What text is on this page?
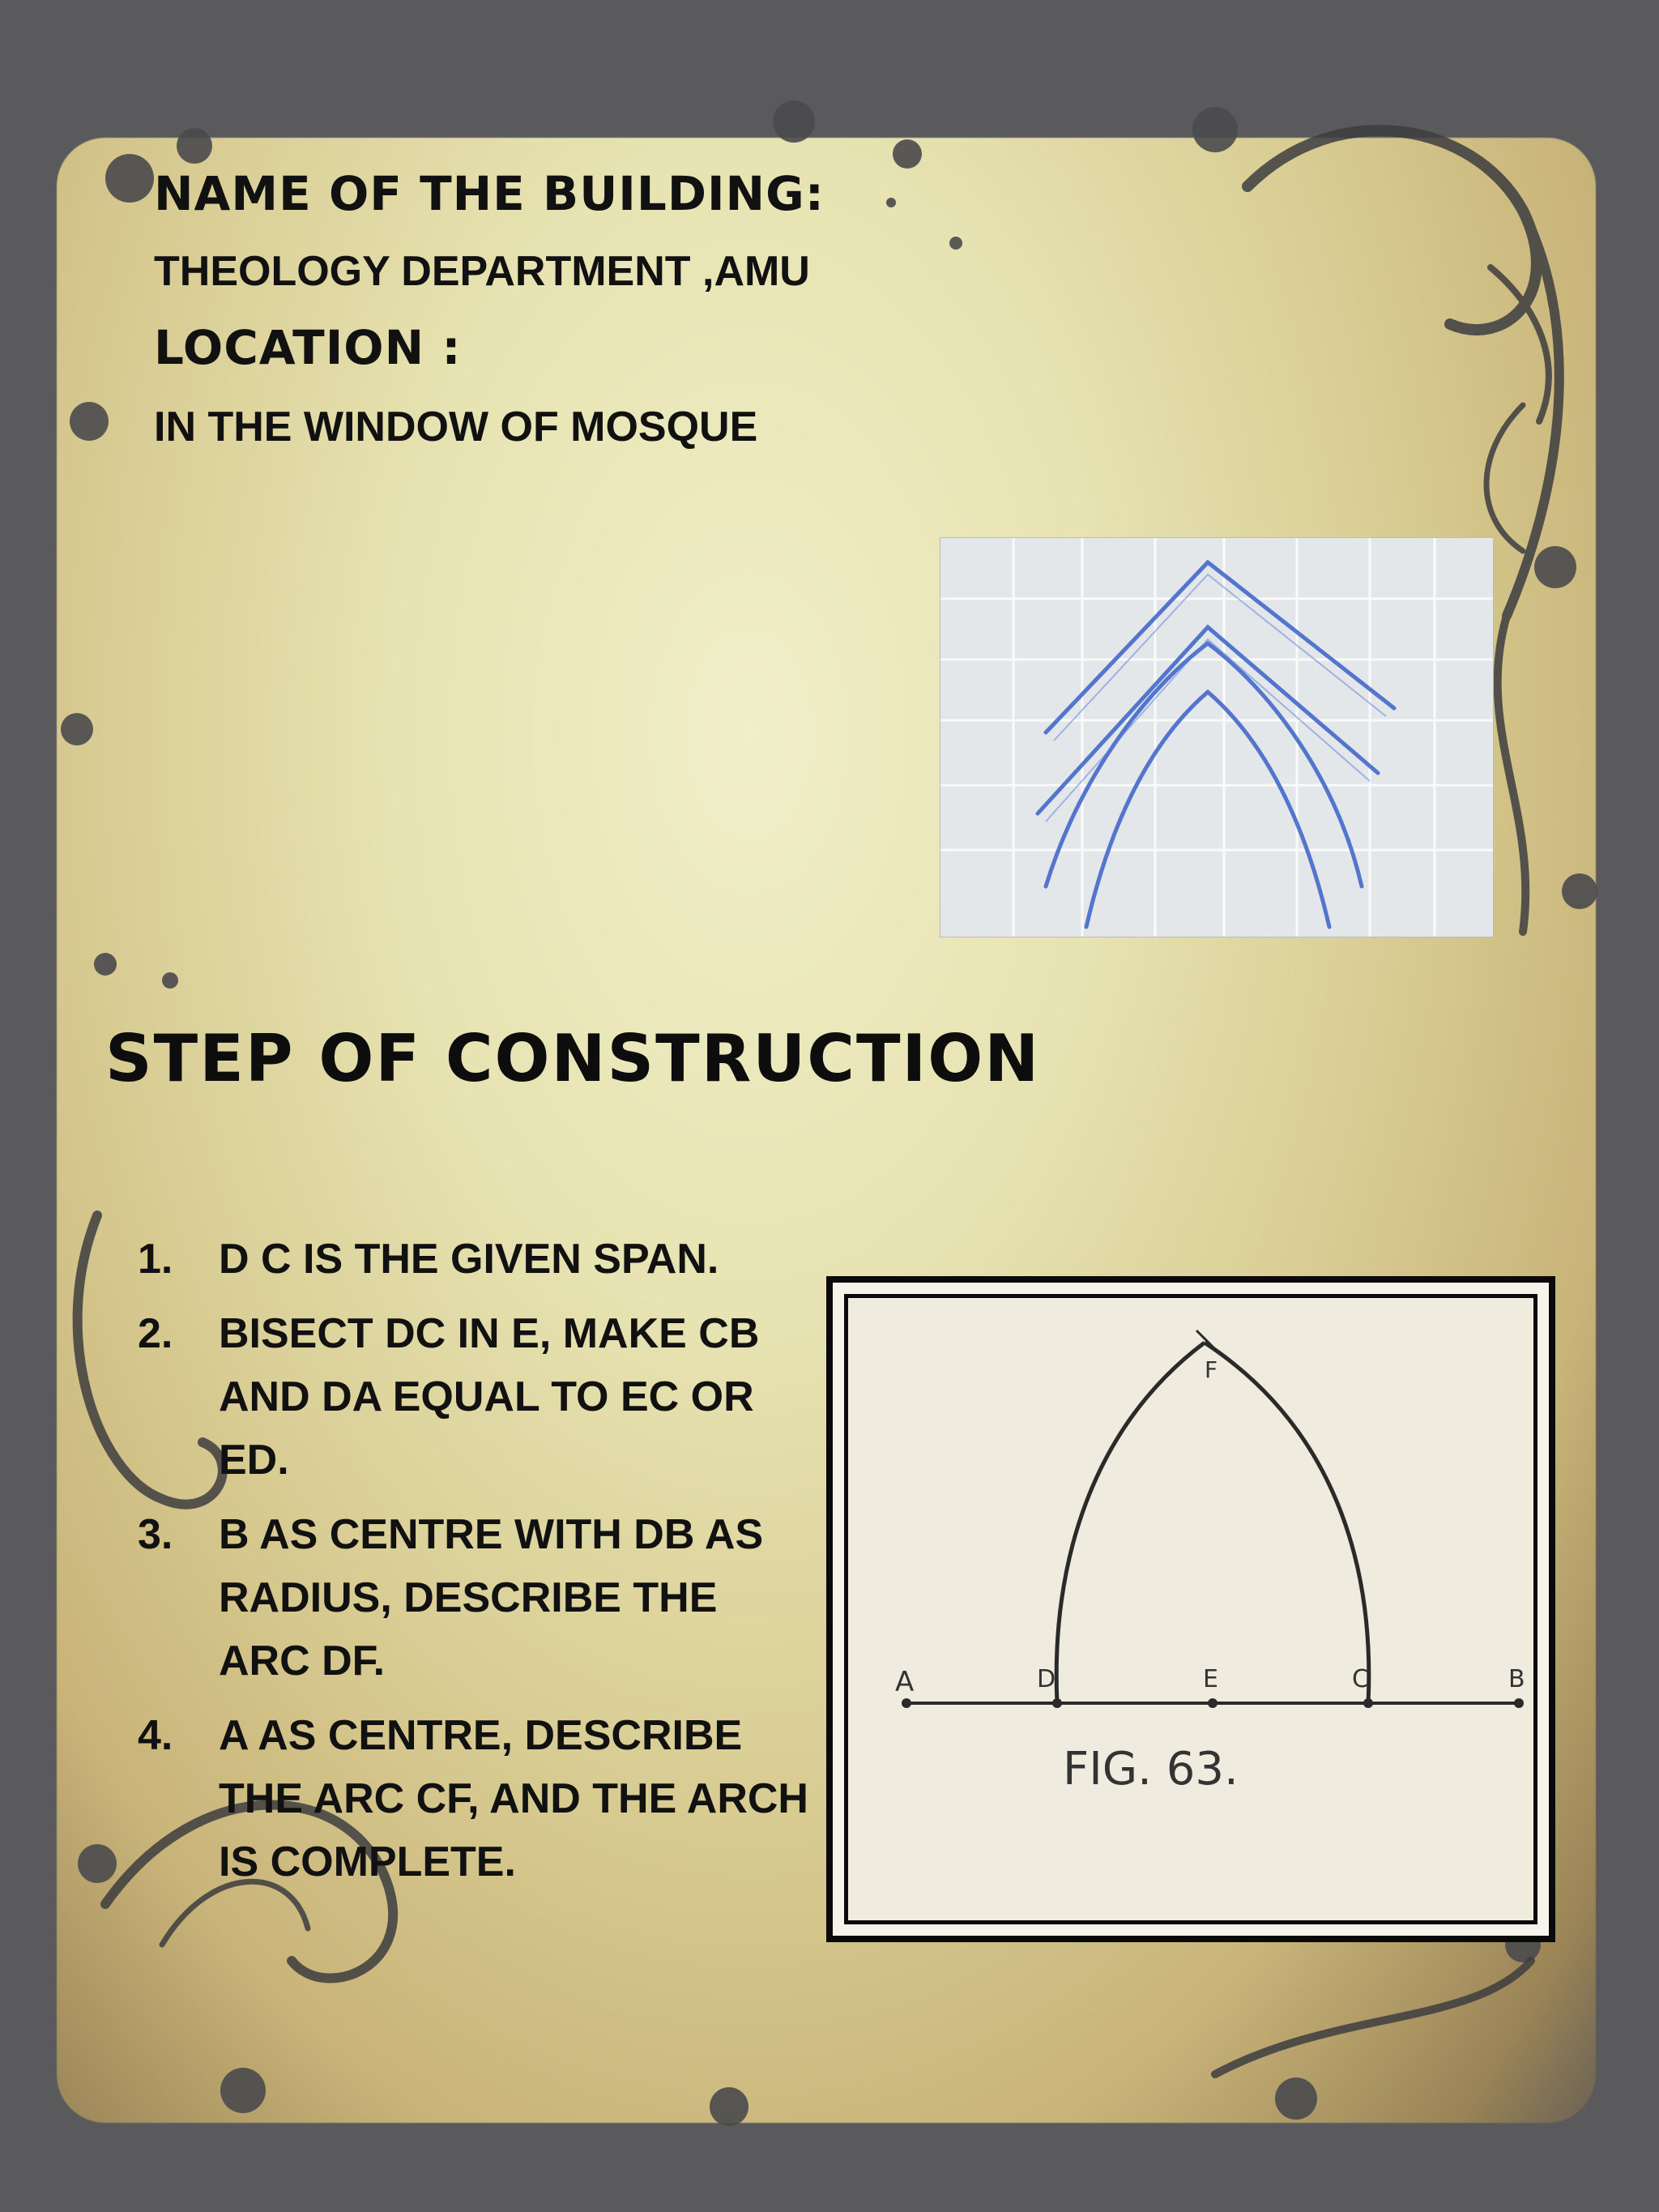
NAME OF THE BUILDING:

THEOLOGY DEPARTMENT ,AMU

LOCATION :

IN THE WINDOW OF MOSQUE

STEP OF CONSTRUCTION
1. D C IS THE GIVEN SPAN.
2. BISECT DC IN E, MAKE CB AND DA EQUAL TO EC OR ED.
3. B AS CENTRE WITH DB AS RADIUS, DESCRIBE THE ARC DF.
4. A AS CENTRE, DESCRIBE THE ARC CF, AND THE ARCH IS COMPLETE.
A	D	E	C	B
F
FIG. 63.
